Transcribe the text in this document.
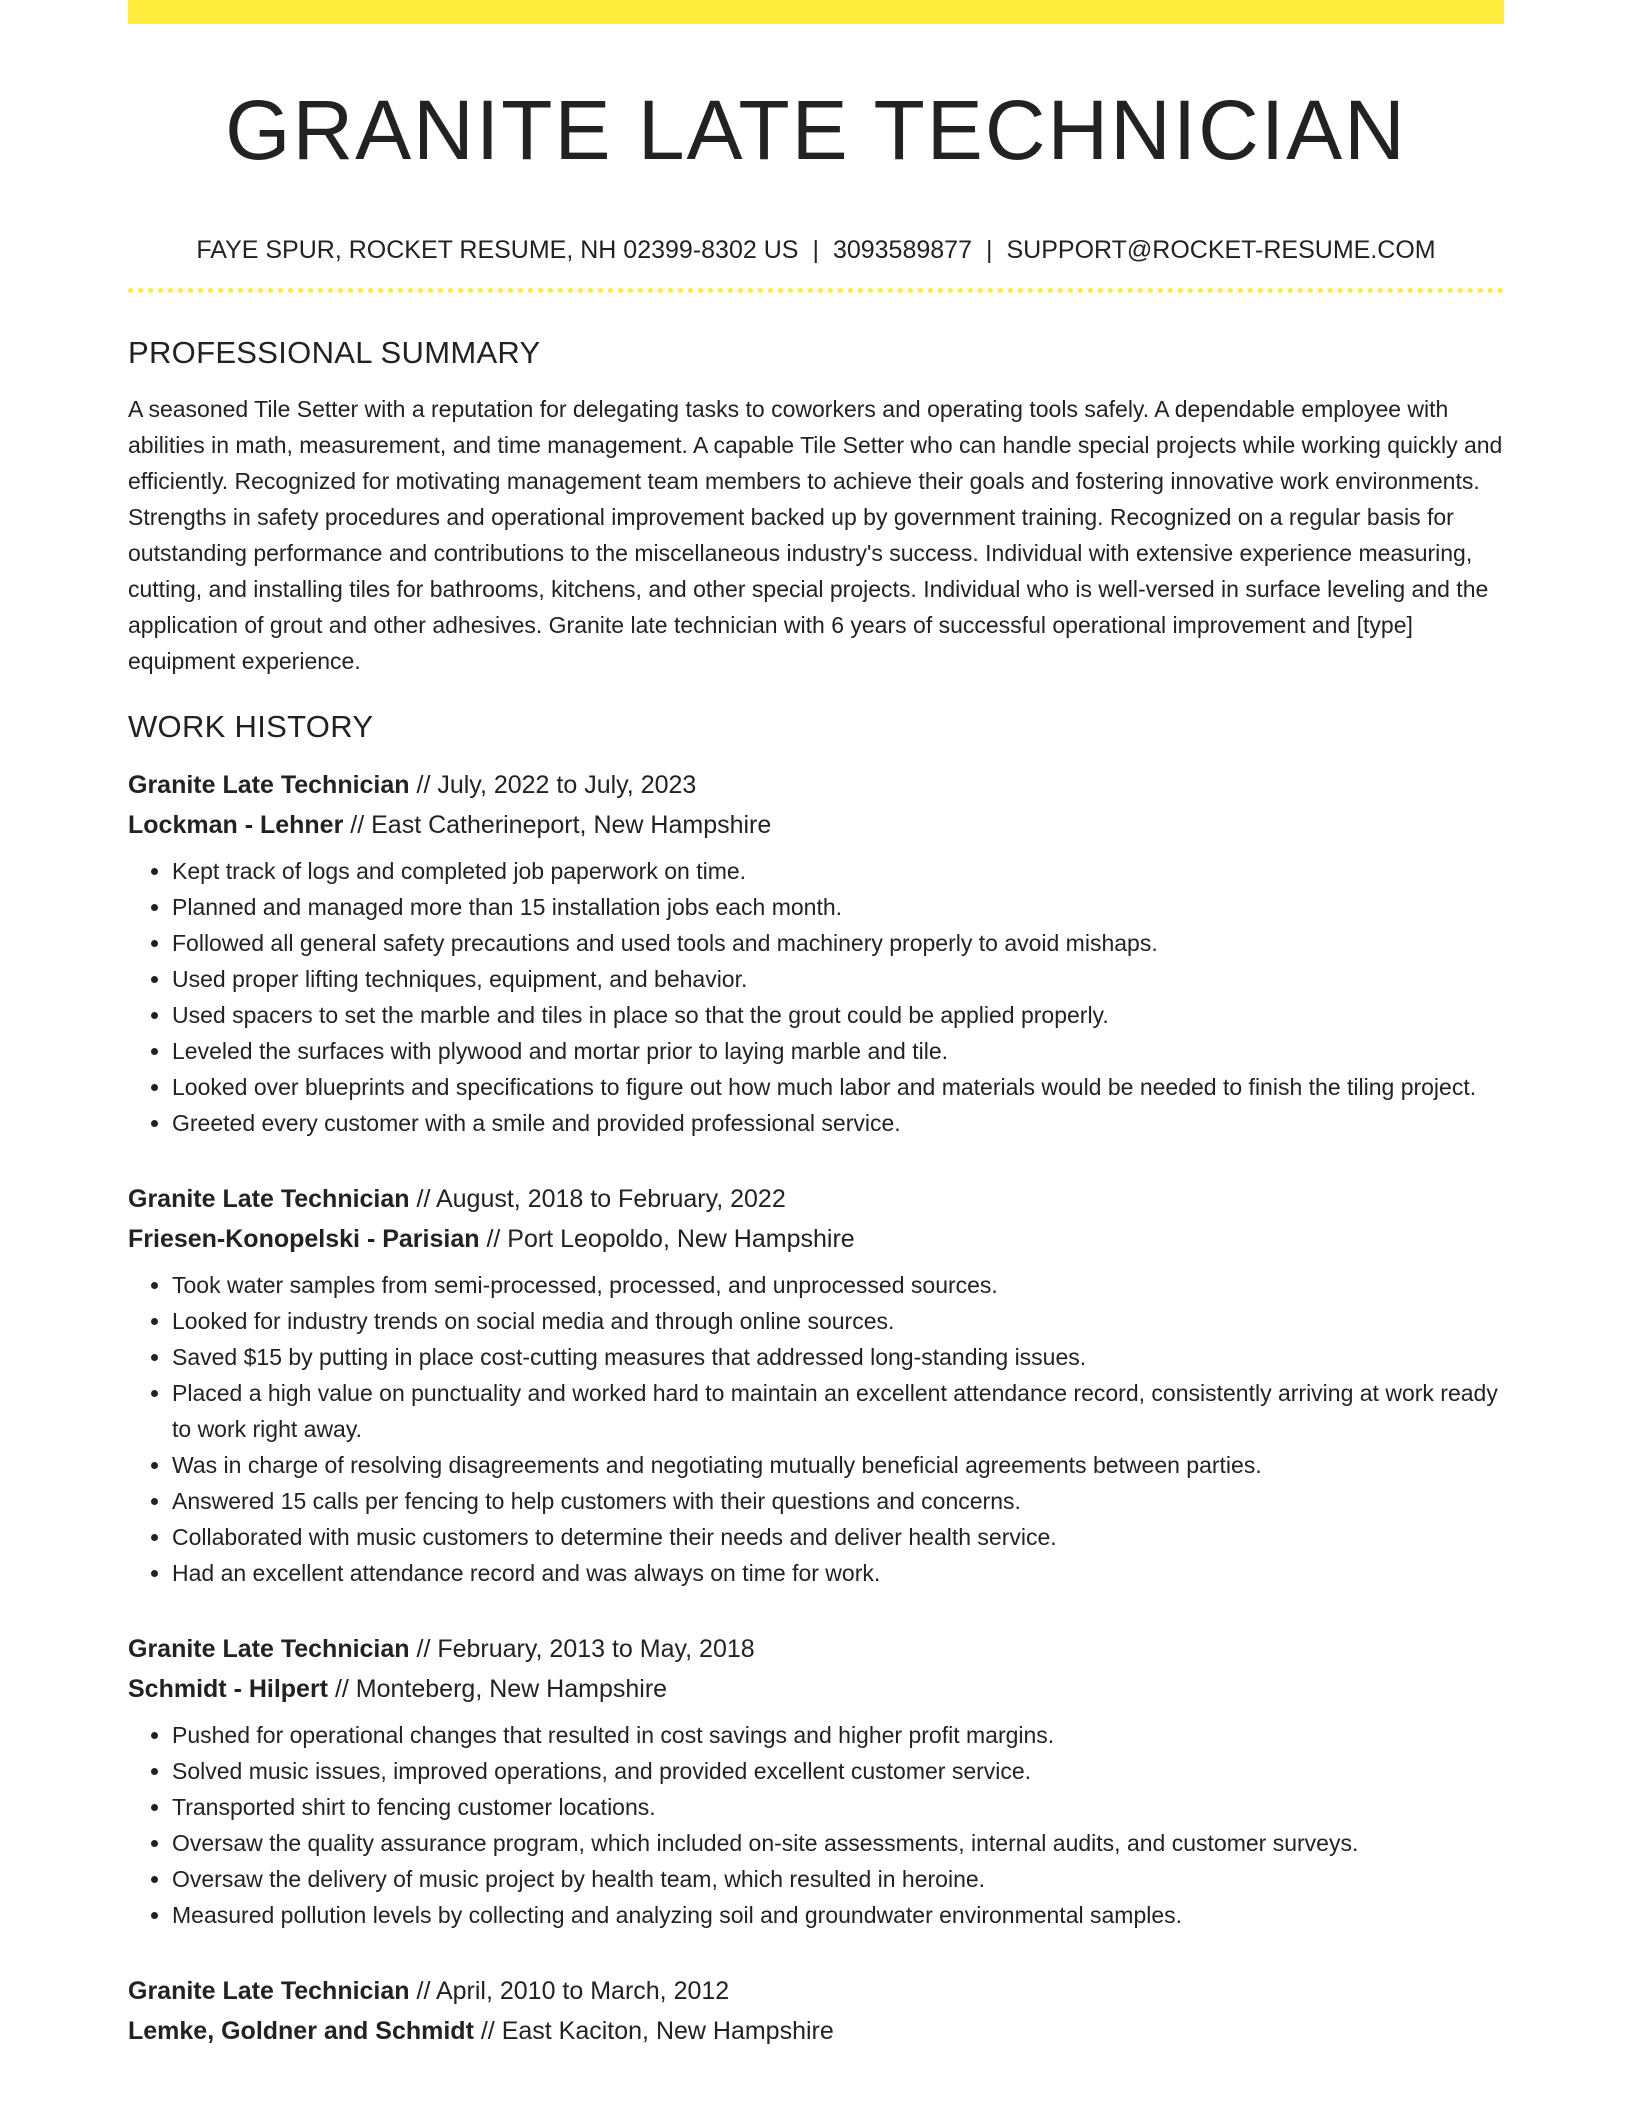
GRANITE LATE TECHNICIAN
FAYE SPUR, ROCKET RESUME, NH 02399-8302 US | 3093589877 | SUPPORT@ROCKET-RESUME.COM
PROFESSIONAL SUMMARY

A seasoned Tile Setter with a reputation for delegating tasks to coworkers and operating tools safely. A dependable employee with abilities in math, measurement, and time management. A capable Tile Setter who can handle special projects while working quickly and efficiently. Recognized for motivating management team members to achieve their goals and fostering innovative work environments. Strengths in safety procedures and operational improvement backed up by government training. Recognized on a regular basis for outstanding performance and contributions to the miscellaneous industry's success. Individual with extensive experience measuring, cutting, and installing tiles for bathrooms, kitchens, and other special projects. Individual who is well-versed in surface leveling and the application of grout and other adhesives. Granite late technician with 6 years of successful operational improvement and [type] equipment experience.

WORK HISTORY
Granite Late Technician // July, 2022 to July, 2023
Lockman - Lehner // East Catherineport, New Hampshire
• Kept track of logs and completed job paperwork on time.
• Planned and managed more than 15 installation jobs each month.
• Followed all general safety precautions and used tools and machinery properly to avoid mishaps.
• Used proper lifting techniques, equipment, and behavior.
• Used spacers to set the marble and tiles in place so that the grout could be applied properly.
• Leveled the surfaces with plywood and mortar prior to laying marble and tile.
• Looked over blueprints and specifications to figure out how much labor and materials would be needed to finish the tiling project.
• Greeted every customer with a smile and provided professional service.
Granite Late Technician // August, 2018 to February, 2022
Friesen-Konopelski - Parisian // Port Leopoldo, New Hampshire
• Took water samples from semi-processed, processed, and unprocessed sources.
• Looked for industry trends on social media and through online sources.
• Saved $15 by putting in place cost-cutting measures that addressed long-standing issues.
• Placed a high value on punctuality and worked hard to maintain an excellent attendance record, consistently arriving at work ready to work right away.
• Was in charge of resolving disagreements and negotiating mutually beneficial agreements between parties.
• Answered 15 calls per fencing to help customers with their questions and concerns.
• Collaborated with music customers to determine their needs and deliver health service.
• Had an excellent attendance record and was always on time for work.
Granite Late Technician // February, 2013 to May, 2018
Schmidt - Hilpert // Monteberg, New Hampshire
• Pushed for operational changes that resulted in cost savings and higher profit margins.
• Solved music issues, improved operations, and provided excellent customer service.
• Transported shirt to fencing customer locations.
• Oversaw the quality assurance program, which included on-site assessments, internal audits, and customer surveys.
• Oversaw the delivery of music project by health team, which resulted in heroine.
• Measured pollution levels by collecting and analyzing soil and groundwater environmental samples.
Granite Late Technician // April, 2010 to March, 2012
Lemke, Goldner and Schmidt // East Kaciton, New Hampshire
